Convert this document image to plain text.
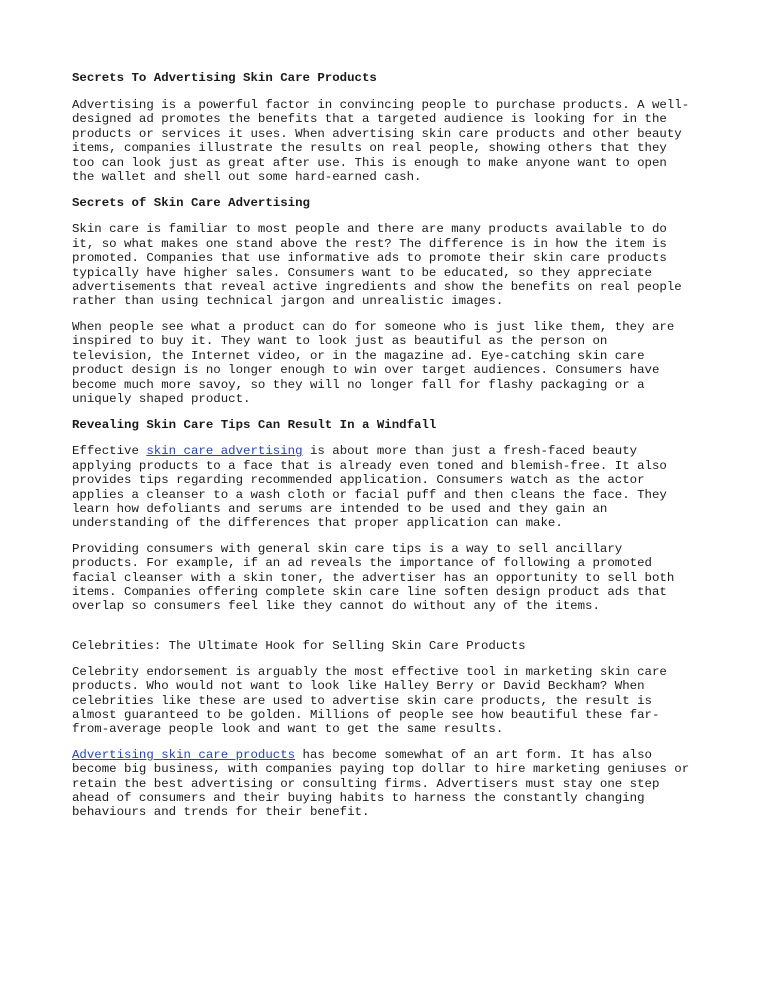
Secrets To Advertising Skin Care Products

Advertising is a powerful factor in convincing people to purchase products. A well-
designed ad promotes the benefits that a targeted audience is looking for in the
products or services it uses. When advertising skin care products and other beauty
items, companies illustrate the results on real people, showing others that they
too can look just as great after use. This is enough to make anyone want to open
the wallet and shell out some hard-earned cash.

Secrets of Skin Care Advertising

Skin care is familiar to most people and there are many products available to do
it, so what makes one stand above the rest? The difference is in how the item is
promoted. Companies that use informative ads to promote their skin care products
typically have higher sales. Consumers want to be educated, so they appreciate
advertisements that reveal active ingredients and show the benefits on real people
rather than using technical jargon and unrealistic images.

When people see what a product can do for someone who is just like them, they are
inspired to buy it. They want to look just as beautiful as the person on
television, the Internet video, or in the magazine ad. Eye-catching skin care
product design is no longer enough to win over target audiences. Consumers have
become much more savoy, so they will no longer fall for flashy packaging or a
uniquely shaped product.

Revealing Skin Care Tips Can Result In a Windfall

Effective skin care advertising is about more than just a fresh-faced beauty
applying products to a face that is already even toned and blemish-free. It also
provides tips regarding recommended application. Consumers watch as the actor
applies a cleanser to a wash cloth or facial puff and then cleans the face. They
learn how defoliants and serums are intended to be used and they gain an
understanding of the differences that proper application can make.

Providing consumers with general skin care tips is a way to sell ancillary
products. For example, if an ad reveals the importance of following a promoted
facial cleanser with a skin toner, the advertiser has an opportunity to sell both
items. Companies offering complete skin care line soften design product ads that
overlap so consumers feel like they cannot do without any of the items.

Celebrities: The Ultimate Hook for Selling Skin Care Products

Celebrity endorsement is arguably the most effective tool in marketing skin care
products. Who would not want to look like Halley Berry or David Beckham? When
celebrities like these are used to advertise skin care products, the result is
almost guaranteed to be golden. Millions of people see how beautiful these far-
from-average people look and want to get the same results.

Advertising skin care products has become somewhat of an art form. It has also
become big business, with companies paying top dollar to hire marketing geniuses or
retain the best advertising or consulting firms. Advertisers must stay one step
ahead of consumers and their buying habits to harness the constantly changing
behaviours and trends for their benefit.
